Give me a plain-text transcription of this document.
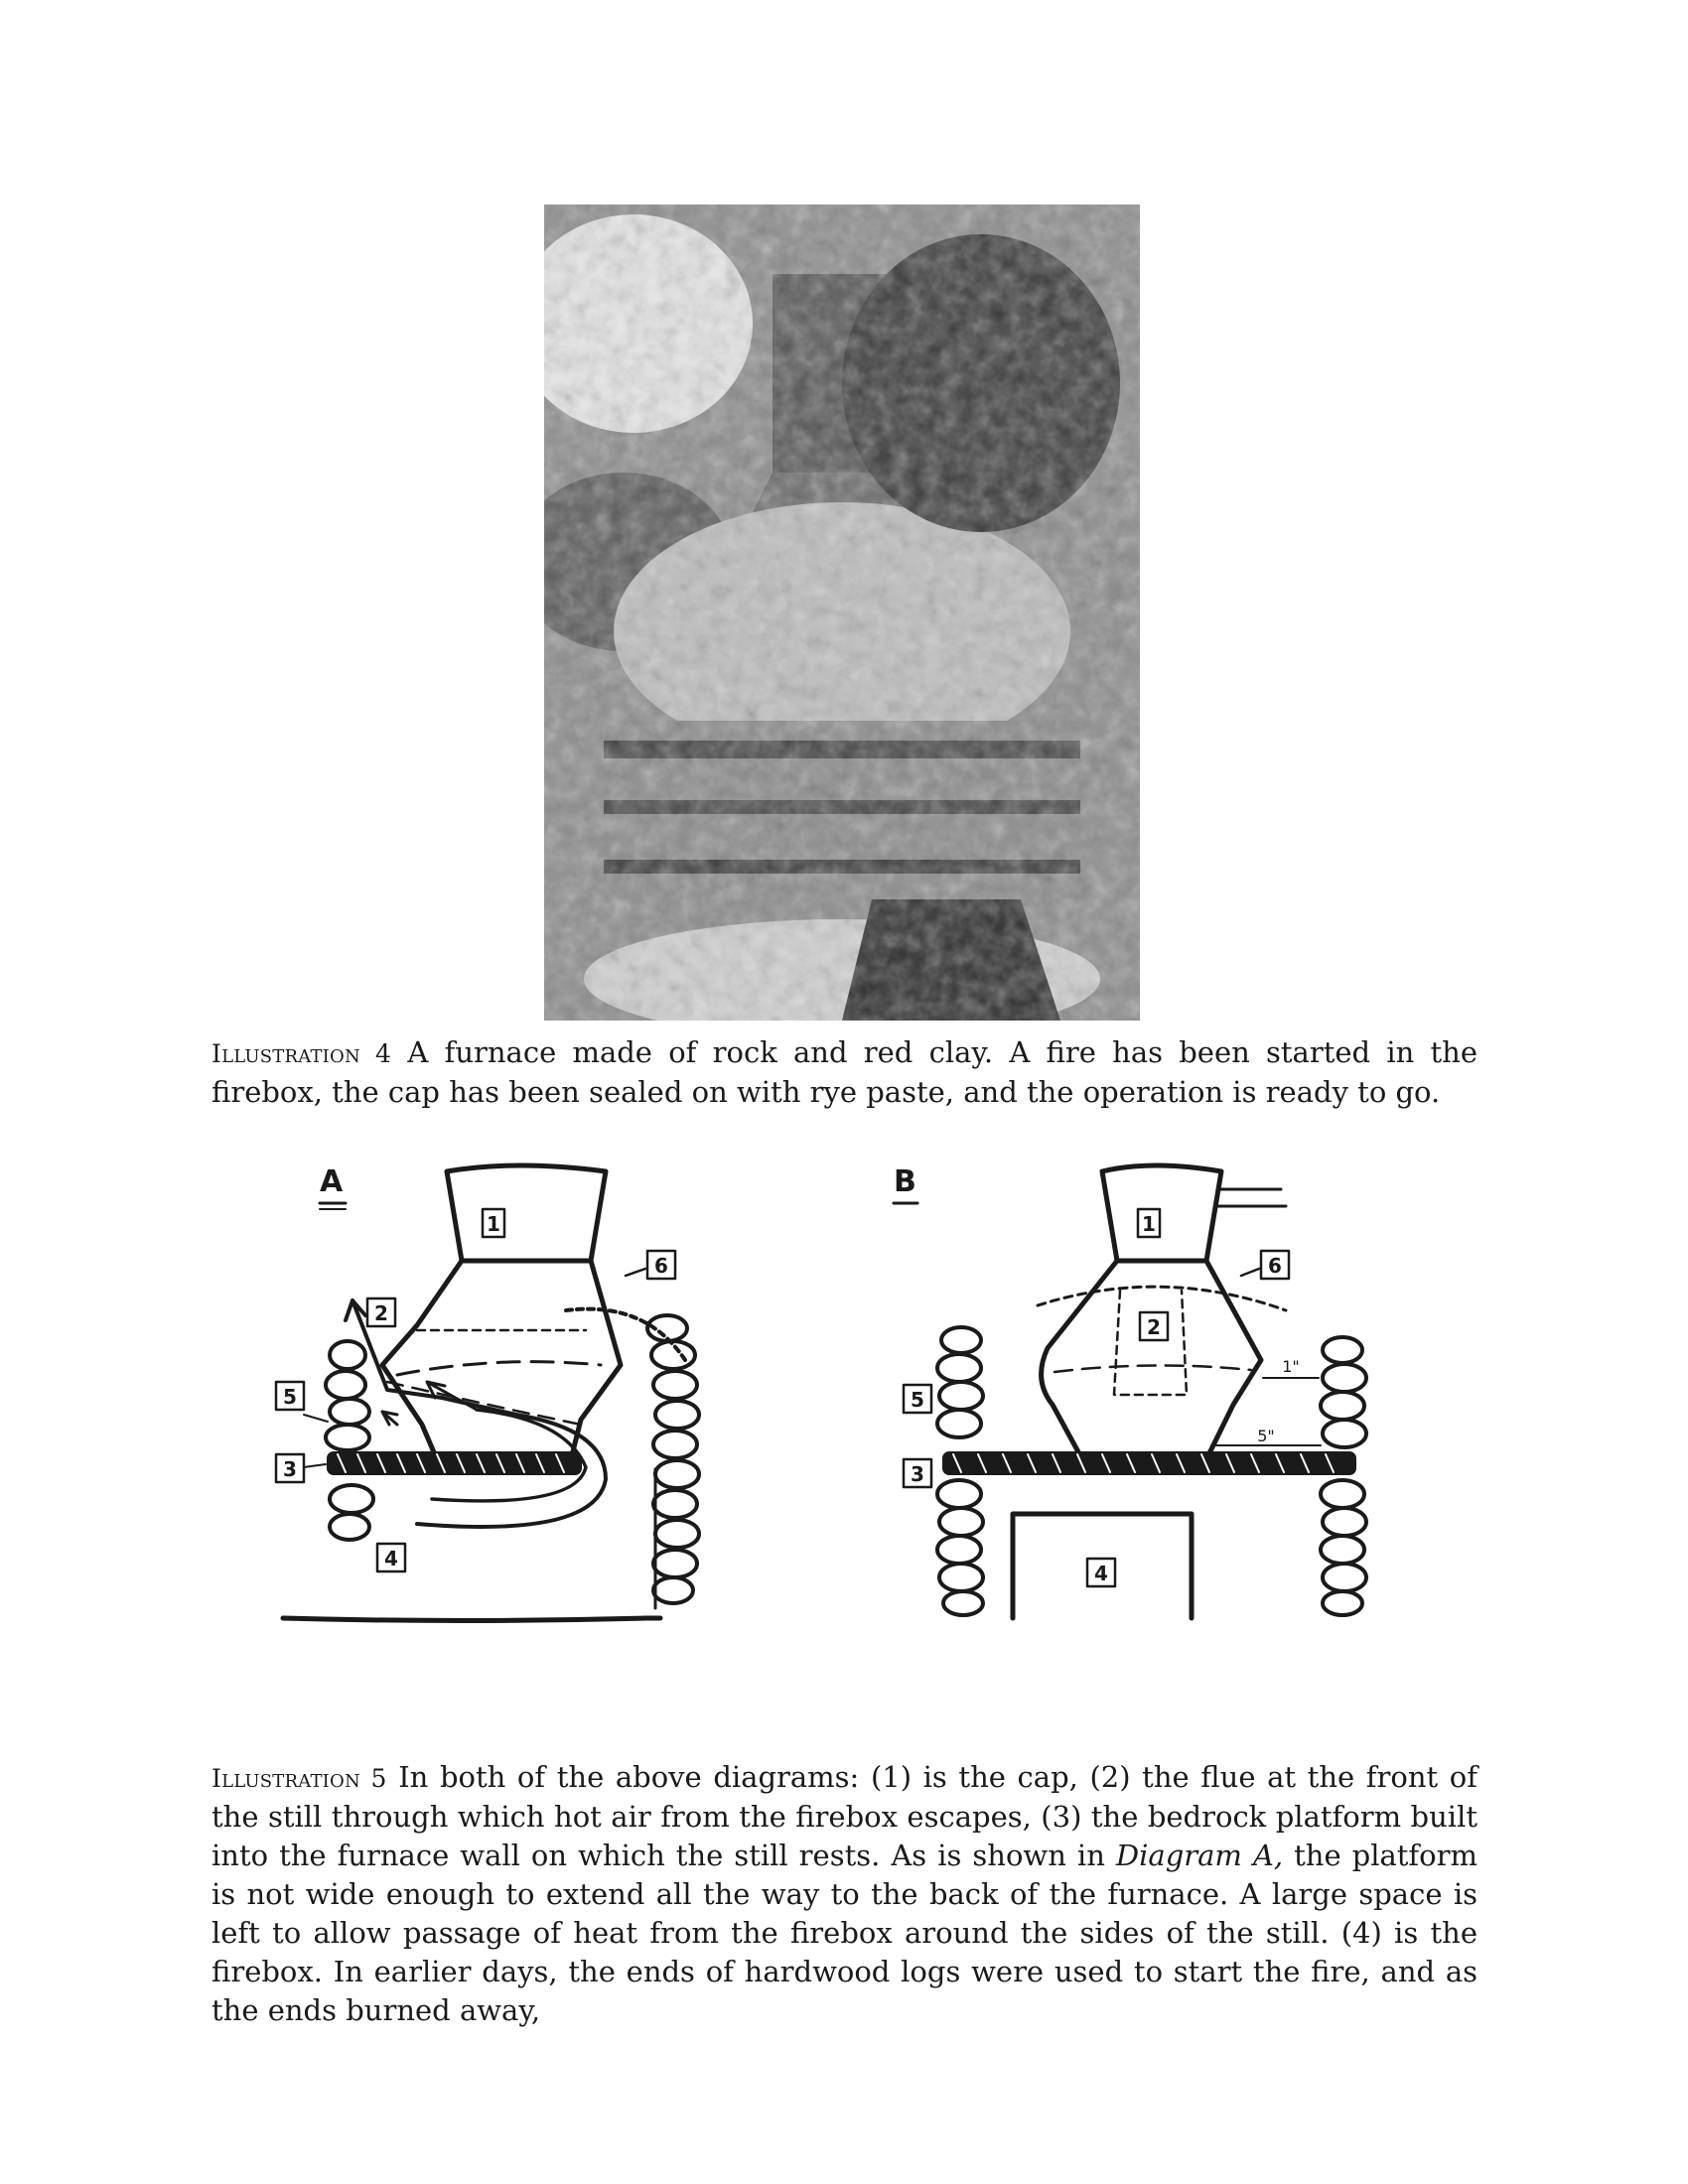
Illustration 4 A furnace made of rock and red clay. A fire has been started in the firebox, the cap has been sealed on with rye paste, and the operation is ready to go.

A
1
2
3
4
5
6
B
5"
1"
1
2
3
4
5
6

Illustration 5 In both of the above diagrams: (1) is the cap, (2) the flue at the front of the still through which hot air from the firebox escapes, (3) the bedrock platform built into the furnace wall on which the still rests. As is shown in Diagram A, the platform is not wide enough to extend all the way to the back of the furnace. A large space is left to allow passage of heat from the firebox around the sides of the still. (4) is the firebox. In earlier days, the ends of hardwood logs were used to start the fire, and as the ends burned away,
